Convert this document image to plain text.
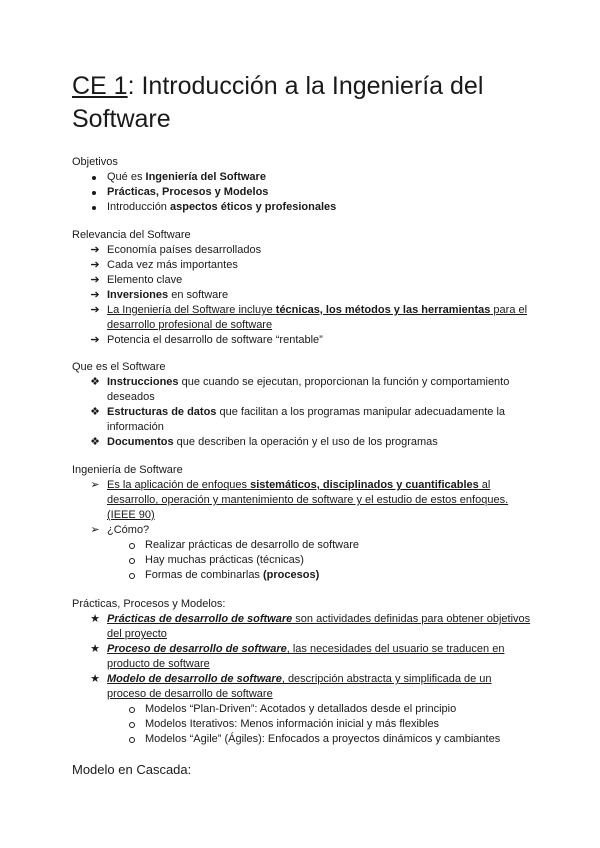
CE 1: Introducción a la Ingeniería del Software
Objetivos
Qué es Ingeniería del Software
Prácticas, Procesos y Modelos
Introducción aspectos éticos y profesionales
Relevancia del Software
➔ Economía países desarrollados
➔ Cada vez más importantes
➔ Elemento clave
➔ Inversiones en software
➔ La Ingeniería del Software incluye técnicas, los métodos y las herramientas para el desarrollo profesional de software
➔ Potencia el desarrollo de software “rentable”
Que es el Software
❖ Instrucciones que cuando se ejecutan, proporcionan la función y comportamiento deseados
❖ Estructuras de datos que facilitan a los programas manipular adecuadamente la información
❖ Documentos que describen la operación y el uso de los programas
Ingeniería de Software
➢ Es la aplicación de enfoques sistemáticos, disciplinados y cuantificables al desarrollo, operación y mantenimiento de software y el estudio de estos enfoques. (IEEE 90)
➢ ¿Cómo?
Realizar prácticas de desarrollo de software
Hay muchas prácticas (técnicas)
Formas de combinarlas (procesos)
Prácticas, Procesos y Modelos:
★ Prácticas de desarrollo de software son actividades definidas para obtener objetivos del proyecto
★ Proceso de desarrollo de software, las necesidades del usuario se traducen en producto de software
★ Modelo de desarrollo de software, descripción abstracta y simplificada de un proceso de desarrollo de software
Modelos “Plan-Driven”: Acotados y detallados desde el principio
Modelos Iterativos: Menos información inicial y más flexibles
Modelos “Agile” (Ágiles): Enfocados a proyectos dinámicos y cambiantes
Modelo en Cascada:
